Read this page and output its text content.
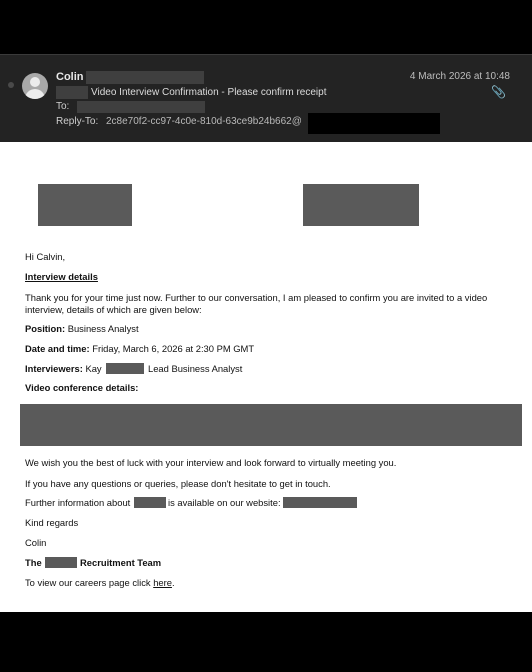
Colin	4 March 2026 at 10:48
Video Interview Confirmation - Please confirm receipt	📎
To:
Reply-To: 2c8e70f2-cc97-4c0e-810d-63ce9b24b662@
Hi Calvin,
Interview details
Thank you for your time just now. Further to our conversation, I am pleased to confirm you are invited to a video
interview, details of which are given below:
Position: Business Analyst
Date and time: Friday, March 6, 2026 at 2:30 PM GMT
Interviewers: Kay	Lead Business Analyst
Video conference details:
We wish you the best of luck with your interview and look forward to virtually meeting you.
If you have any questions or queries, please don't hesitate to get in touch.
Further information about	is available on our website:
Kind regards
Colin
The	Recruitment Team
To view our careers page click here.
